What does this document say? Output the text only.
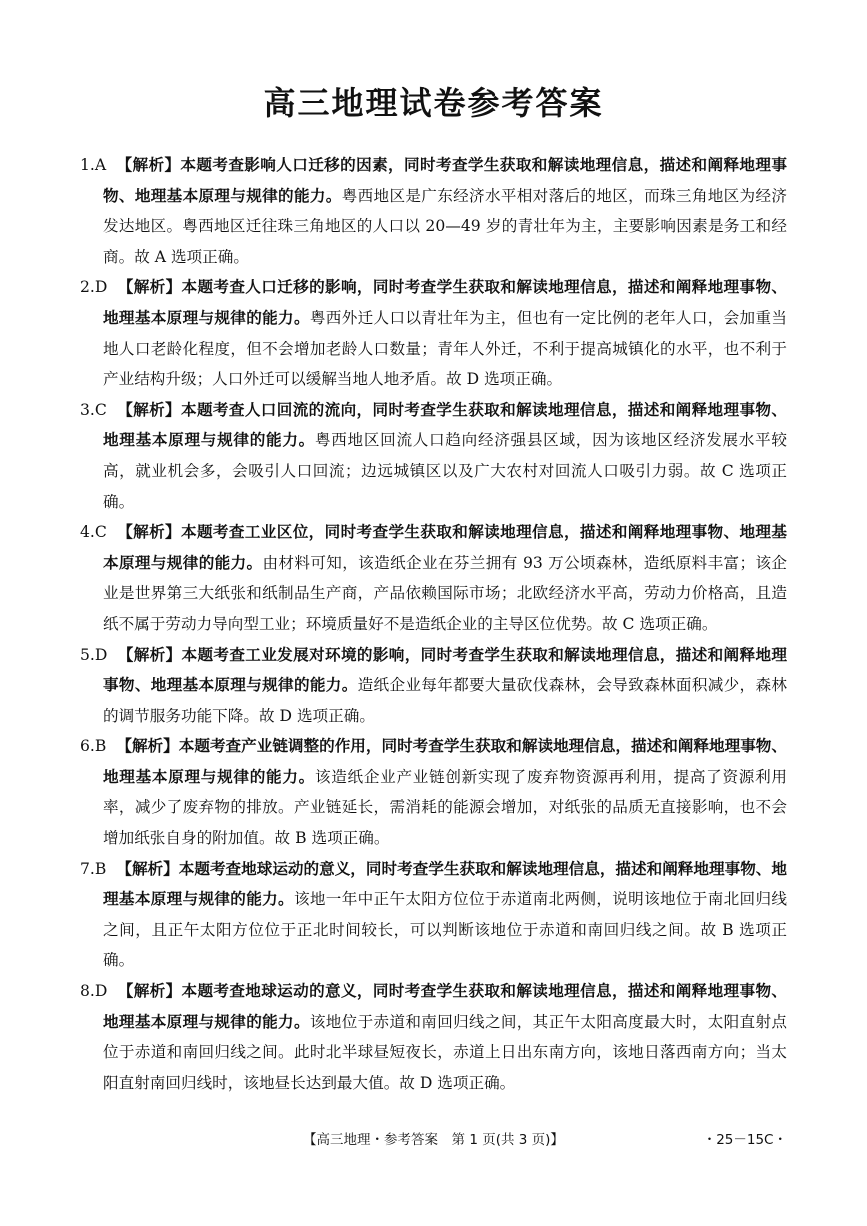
高三地理试卷参考答案

1.A 【解析】本题考查影响人口迁移的因素，同时考查学生获取和解读地理信息，描述和阐释地理事物、地理基本原理与规律的能力。粤西地区是广东经济水平相对落后的地区，而珠三角地区为经济发达地区。粤西地区迁往珠三角地区的人口以 20—49 岁的青壮年为主，主要影响因素是务工和经商。故 A 选项正确。

2.D 【解析】本题考查人口迁移的影响，同时考查学生获取和解读地理信息，描述和阐释地理事物、地理基本原理与规律的能力。粤西外迁人口以青壮年为主，但也有一定比例的老年人口，会加重当地人口老龄化程度，但不会增加老龄人口数量；青年人外迁，不利于提高城镇化的水平，也不利于产业结构升级；人口外迁可以缓解当地人地矛盾。故 D 选项正确。

3.C 【解析】本题考查人口回流的流向，同时考查学生获取和解读地理信息，描述和阐释地理事物、地理基本原理与规律的能力。粤西地区回流人口趋向经济强县区域，因为该地区经济发展水平较高，就业机会多，会吸引人口回流；边远城镇区以及广大农村对回流人口吸引力弱。故 C 选项正确。

4.C 【解析】本题考查工业区位，同时考查学生获取和解读地理信息，描述和阐释地理事物、地理基本原理与规律的能力。由材料可知，该造纸企业在芬兰拥有 93 万公顷森林，造纸原料丰富；该企业是世界第三大纸张和纸制品生产商，产品依赖国际市场；北欧经济水平高，劳动力价格高，且造纸不属于劳动力导向型工业；环境质量好不是造纸企业的主导区位优势。故 C 选项正确。

5.D 【解析】本题考查工业发展对环境的影响，同时考查学生获取和解读地理信息，描述和阐释地理事物、地理基本原理与规律的能力。造纸企业每年都要大量砍伐森林，会导致森林面积减少，森林的调节服务功能下降。故 D 选项正确。

6.B 【解析】本题考查产业链调整的作用，同时考查学生获取和解读地理信息，描述和阐释地理事物、地理基本原理与规律的能力。该造纸企业产业链创新实现了废弃物资源再利用，提高了资源利用率，减少了废弃物的排放。产业链延长，需消耗的能源会增加，对纸张的品质无直接影响，也不会增加纸张自身的附加值。故 B 选项正确。

7.B 【解析】本题考查地球运动的意义，同时考查学生获取和解读地理信息，描述和阐释地理事物、地理基本原理与规律的能力。该地一年中正午太阳方位位于赤道南北两侧，说明该地位于南北回归线之间，且正午太阳方位位于正北时间较长，可以判断该地位于赤道和南回归线之间。故 B 选项正确。

8.D 【解析】本题考查地球运动的意义，同时考查学生获取和解读地理信息，描述和阐释地理事物、地理基本原理与规律的能力。该地位于赤道和南回归线之间，其正午太阳高度最大时，太阳直射点位于赤道和南回归线之间。此时北半球昼短夜长，赤道上日出东南方向，该地日落西南方向；当太阳直射南回归线时，该地昼长达到最大值。故 D 选项正确。

【高三地理・参考答案　第 1 页(共 3 页)】	・25－15C・
